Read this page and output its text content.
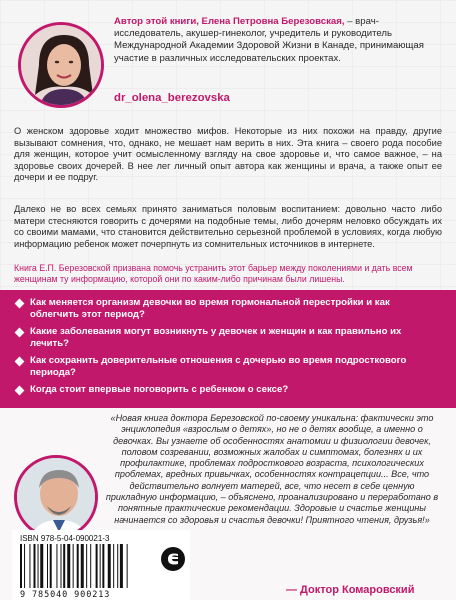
Автор этой книги, Елена Петровна Березовская, – врач-исследователь, акушер-гинеколог, учредитель и руководитель Международной Академии Здоровой Жизни в Канаде, принимающая участие в различных исследовательских проектах.
dr_olena_berezovska

О женском здоровье ходит множество мифов. Некоторые из них похожи на правду, другие вызывают сомнения, что, однако, не мешает нам верить в них. Эта книга – своего рода пособие для женщин, которое учит осмысленному взгляду на свое здоровье и, что самое важное, – на здоровье своих дочерей. В нее лег личный опыт автора как женщины и врача, а также опыт ее дочери и ее подруг.

Далеко не во всех семьях принято заниматься половым воспитанием: довольно часто либо матери стесняются говорить с дочерями на подобные темы, либо дочерям неловко обсуждать их со своими мамами, что становится действительно серьезной проблемой в условиях, когда любую информацию ребенок может почерпнуть из сомнительных источников в интернете.

Книга Е.П. Березовской призвана помочь устранить этот барьер между поколениями и дать всем женщинам ту информацию, которой они по каким-либо причинам были лишены.

Как меняется организм девочки во время гормональной перестройки и как облегчить этот период?
Какие заболевания могут возникнуть у девочек и женщин и как правильно их лечить?
Как сохранить доверительные отношения с дочерью во время подросткового периода?
Когда стоит впервые поговорить с ребенком о сексе?

«Новая книга доктора Березовской по-своему уникальна: фактически это энциклопедия «взрослым о детях», но не о детях вообще, а именно о девочках. Вы узнаете об особенностях анатомии и физиологии девочек, половом созревании, возможных жалобах и симптомах, болезнях и их профилактике, проблемах подросткового возраста, психологических проблемах, вредных привычках, особенностях контрацепции... Все, что действительно волнует матерей, все, что несет в себе ценную прикладную информацию, – объяснено, проанализировано и переработано в понятные практические рекомендации. Здоровые и счастье женщины начинается со здоровья и счастья девочки! Приятного чтения, друзья!»

— Доктор Комаровский
ISBN 978-5-04-090021-3
9 785040 900213
